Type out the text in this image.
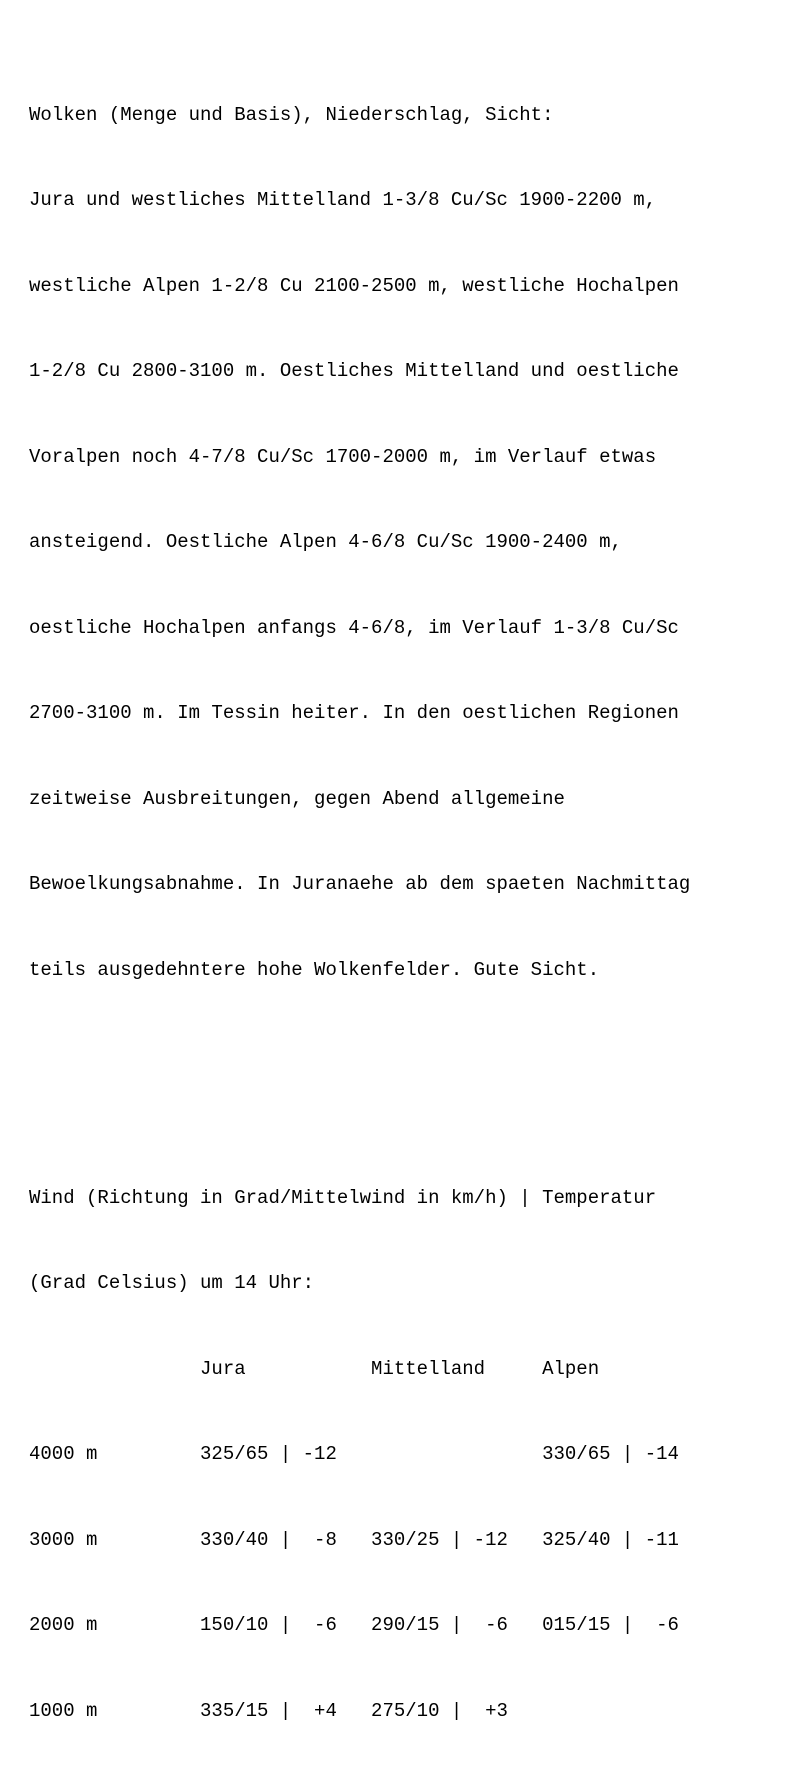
Wolken (Menge und Basis), Niederschlag, Sicht:

Jura und westliches Mittelland 1-3/8 Cu/Sc 1900-2200 m,

westliche Alpen 1-2/8 Cu 2100-2500 m, westliche Hochalpen

1-2/8 Cu 2800-3100 m. Oestliches Mittelland und oestliche

Voralpen noch 4-7/8 Cu/Sc 1700-2000 m, im Verlauf etwas

ansteigend. Oestliche Alpen 4-6/8 Cu/Sc 1900-2400 m,

oestliche Hochalpen anfangs 4-6/8, im Verlauf 1-3/8 Cu/Sc

2700-3100 m. Im Tessin heiter. In den oestlichen Regionen

zeitweise Ausbreitungen, gegen Abend allgemeine

Bewoelkungsabnahme. In Juranaehe ab dem spaeten Nachmittag

teils ausgedehntere hohe Wolkenfelder. Gute Sicht.

Wind (Richtung in Grad/Mittelwind in km/h) | Temperatur

(Grad Celsius) um 14 Uhr:

Jura           Mittelland     Alpen

4000 m         325/65 | -12                  330/65 | -14

3000 m         330/40 |  -8   330/25 | -12   325/40 | -11

2000 m         150/10 |  -6   290/15 |  -6   015/15 |  -6

1000 m         335/15 |  +4   275/10 |  +3
